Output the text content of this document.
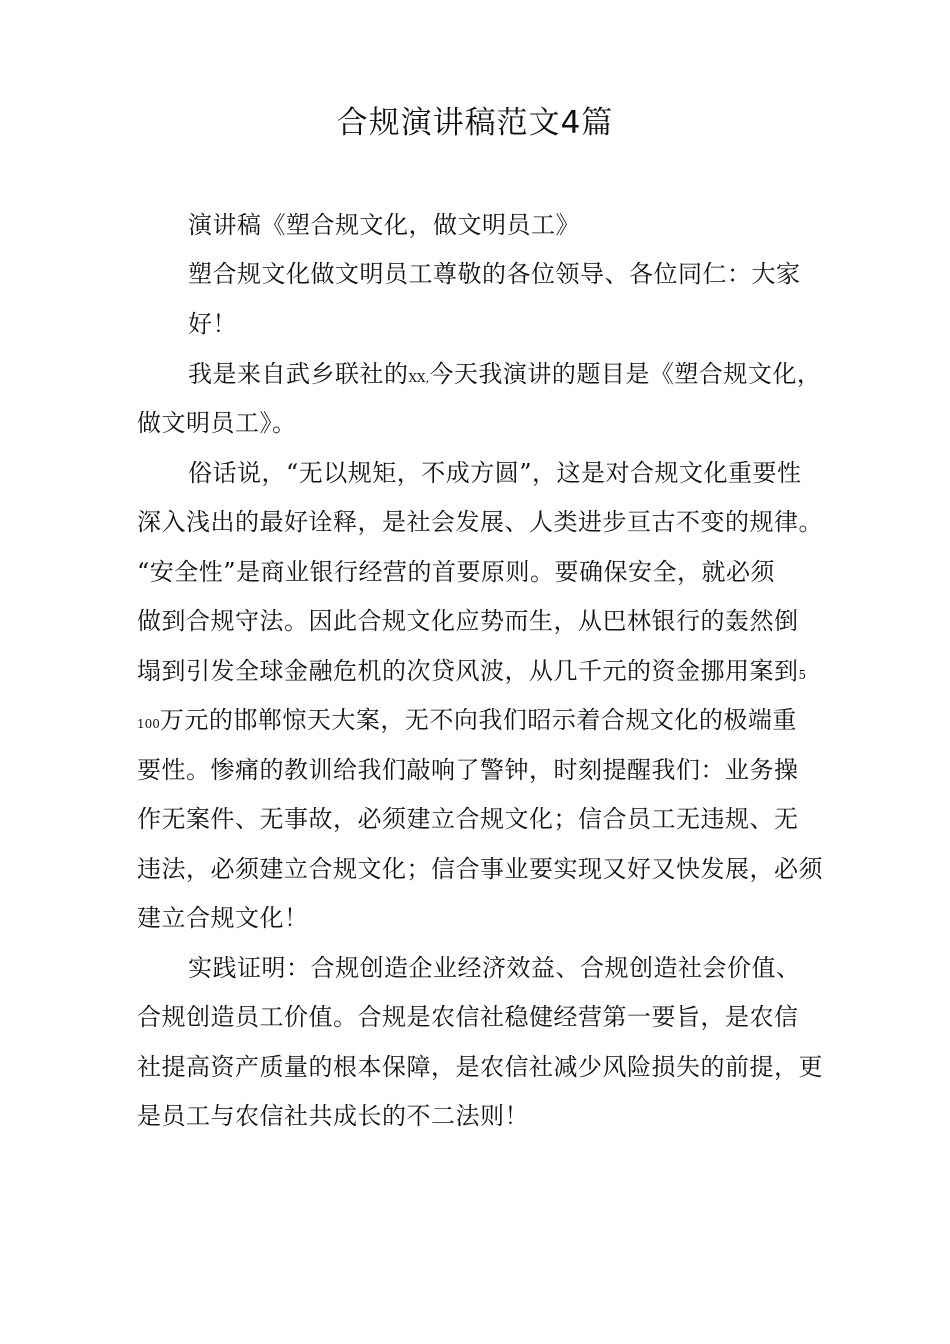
合规演讲稿范文4篇
演讲稿《塑合规文化，做文明员工》
塑合规文化做文明员工尊敬的各位领导、各位同仁：大家
好！
我是来自武乡联社的XX,今天我演讲的题目是《塑合规文化，
做文明员工》。
俗话说，“无以规矩，不成方圆”，这是对合规文化重要性
深入浅出的最好诠释，是社会发展、人类进步亘古不变的规律。
“安全性”是商业银行经营的首要原则。要确保安全，就必须
做到合规守法。因此合规文化应势而生，从巴林银行的轰然倒
塌到引发全球金融危机的次贷风波，从几千元的资金挪用案到5
100万元的邯郸惊天大案，无不向我们昭示着合规文化的极端重
要性。惨痛的教训给我们敲响了警钟，时刻提醒我们：业务操
作无案件、无事故，必须建立合规文化；信合员工无违规、无
违法，必须建立合规文化；信合事业要实现又好又快发展，必须
建立合规文化！
实践证明：合规创造企业经济效益、合规创造社会价值、
合规创造员工价值。合规是农信社稳健经营第一要旨，是农信
社提高资产质量的根本保障，是农信社减少风险损失的前提，更
是员工与农信社共成长的不二法则！
